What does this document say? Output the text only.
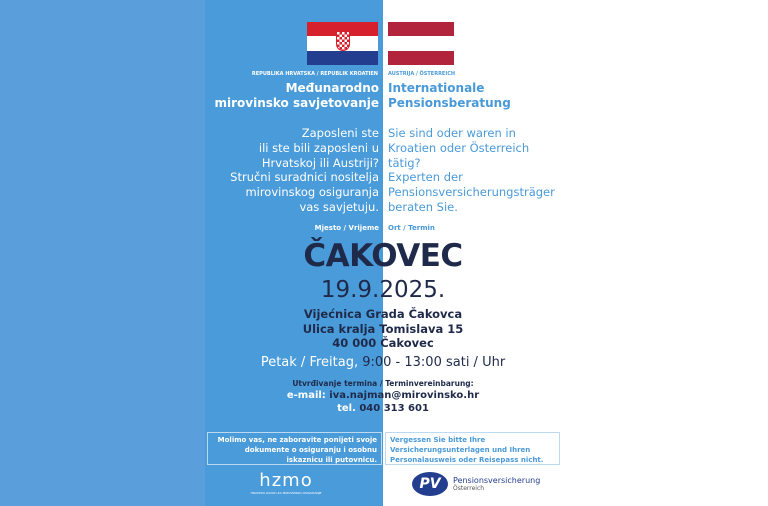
REPUBLIKA HRVATSKA / REPUBLIK KROATIEN AUSTRIJA / ÖSTERREICH
Međunarodno
mirovinsko savjetovanje
Internationale
Pensionsberatung
Zaposleni ste
ili ste bili zaposleni u
Hrvatskoj ili Austriji?
Stručni suradnici nositelja
mirovinskog osiguranja
vas savjetuju.
Sie sind oder waren in
Kroatien oder Österreich
tätig?
Experten der
Pensionsversicherungsträger
beraten Sie.
Mjesto / Vrijeme Ort / Termin
ČAKOVEC
19.9.2025.
Vijećnica Grada Čakovca
Ulica kralja Tomislava 15
40 000 Čakovec
Petak / Freitag, 9:00 - 13:00 sati / Uhr
Utvrđivanje termina / Terminvereinbarung:
e-mail: iva.najman@mirovinsko.hr
tel. 040 313 601
Molimo vas, ne zaboravite ponijeti svoje dokumente o osiguranju i osobnu iskaznicu ili putovnicu.
Vergessen Sie bitte Ihre Versicherungsunterlagen und Ihren Personalausweis oder Reisepass nicht.
hzmo
HRVATSKI ZAVOD ZA MIROVINSKO OSIGURANJE
PV	Pensionsversicherung
Österreich
